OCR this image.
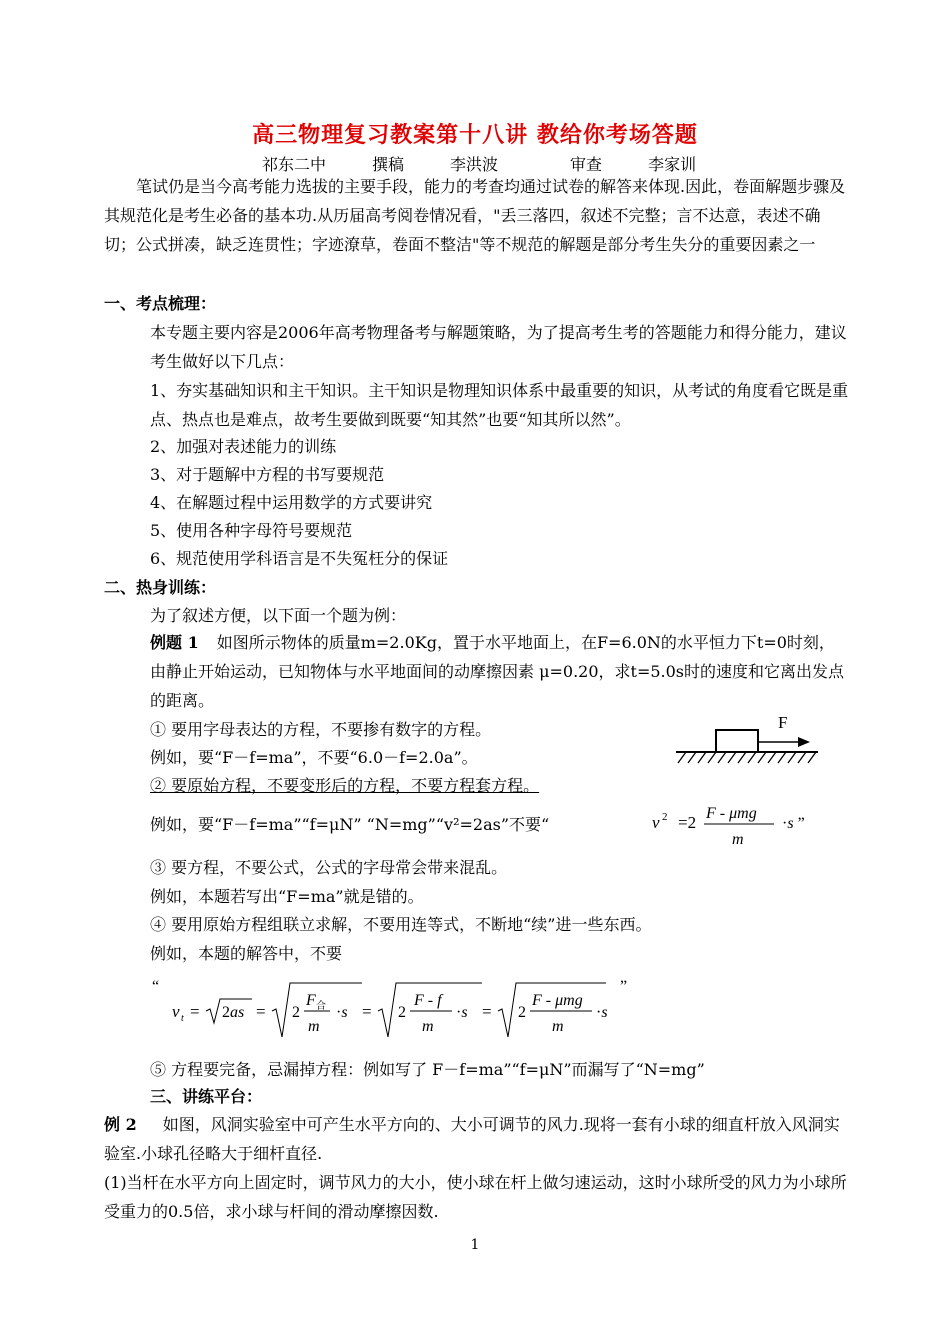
高三物理复习教案第十八讲 教给你考场答题
祁东二中	撰稿	李洪波	审查	李家训
笔试仍是当今高考能力选拔的主要手段，能力的考查均通过试卷的解答来体现.因此，卷面解题步骤及其规范化是考生必备的基本功.从历届高考阅卷情况看，"丢三落四，叙述不完整；言不达意，表述不确切；公式拼凑，缺乏连贯性；字迹潦草，卷面不整洁"等不规范的解题是部分考生失分的重要因素之一
一、考点梳理：
本专题主要内容是2006年高考物理备考与解题策略，为了提高考生考的答题能力和得分能力，建议考生做好以下几点：
1、夯实基础知识和主干知识。主干知识是物理知识体系中最重要的知识，从考试的角度看它既是重点、热点也是难点，故考生要做到既要“知其然”也要“知其所以然”。
2、加强对表述能力的训练
3、对于题解中方程的书写要规范
4、在解题过程中运用数学的方式要讲究
5、使用各种字母符号要规范
6、规范使用学科语言是不失冤枉分的保证
二、热身训练：
为了叙述方便，以下面一个题为例：
例题 1 如图所示物体的质量m=2.0Kg，置于水平地面上，在F=6.0N的水平恒力下t=0时刻，由静止开始运动，已知物体与水平地面间的动摩擦因素 μ=0.20，求t=5.0s时的速度和它离出发点的距离。
① 要用字母表达的方程，不要掺有数字的方程。
例如，要“F－f=ma”，不要“6.0－f=2.0a”。
F
② 要原始方程，不要变形后的方程，不要方程套方程。
例如，要“F－f=ma”“f=μN” “N=mg”“v²=2as”不要“	v 2 =2 F - μmg
m
·s ”
③ 要方程，不要公式，公式的字母常会带来混乱。
例如，本题若写出“F=ma”就是错的。
④ 要用原始方程组联立求解，不要用连等式，不断地“续”进一些东西。
例如，本题的解答中，不要
“
v t = 2as = 2
F 合
m
·s = 2
F - f
m
·s = 2
F - μmg
m
·s
”
⑤ 方程要完备，忌漏掉方程：例如写了 F－f=ma”“f=μN”而漏写了“N=mg”
三、讲练平台：
例 2 如图，风洞实验室中可产生水平方向的、大小可调节的风力.现将一套有小球的细直杆放入风洞实验室.小球孔径略大于细杆直径.
(1)当杆在水平方向上固定时，调节风力的大小，使小球在杆上做匀速运动，这时小球所受的风力为小球所受重力的0.5倍，求小球与杆间的滑动摩擦因数.
1
